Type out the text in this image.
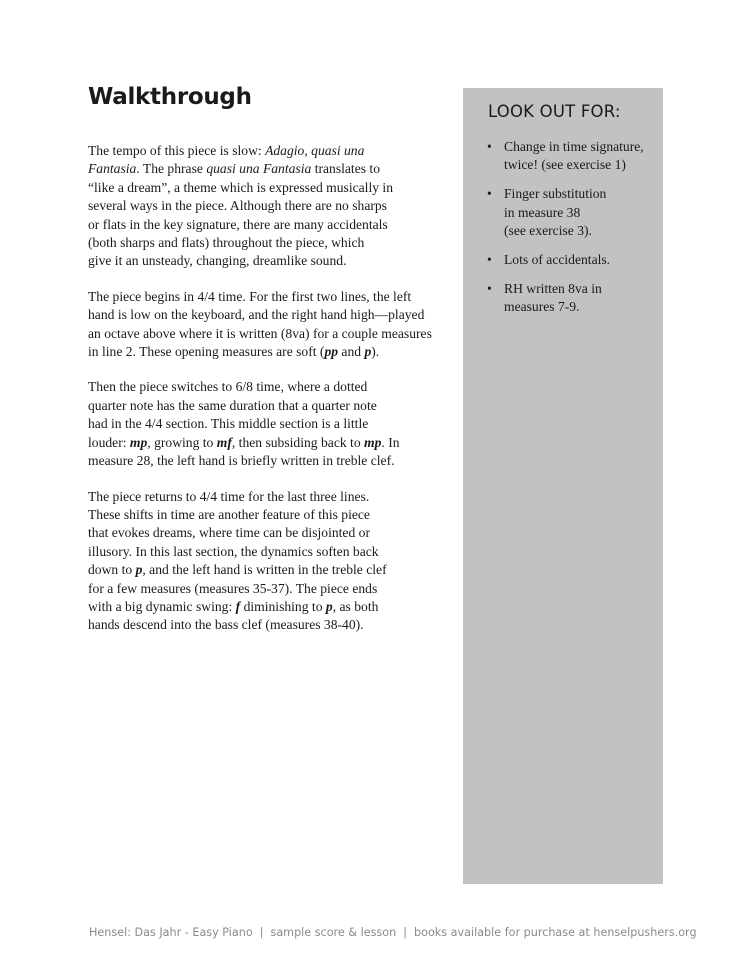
Walkthrough

The tempo of this piece is slow: Adagio, quasi una
Fantasia. The phrase quasi una Fantasia translates to
“like a dream”, a theme which is expressed musically in
several ways in the piece. Although there are no sharps
or flats in the key signature, there are many accidentals
(both sharps and flats) throughout the piece, which
give it an unsteady, changing, dreamlike sound.

The piece begins in 4/4 time. For the first two lines, the left
hand is low on the keyboard, and the right hand high—played
an octave above where it is written (8va) for a couple measures
in line 2. These opening measures are soft (pp and p).

Then the piece switches to 6/8 time, where a dotted
quarter note has the same duration that a quarter note
had in the 4/4 section. This middle section is a little
louder: mp, growing to mf, then subsiding back to mp. In
measure 28, the left hand is briefly written in treble clef.

The piece returns to 4/4 time for the last three lines.
These shifts in time are another feature of this piece
that evokes dreams, where time can be disjointed or
illusory. In this last section, the dynamics soften back
down to p, and the left hand is written in the treble clef
for a few measures (measures 35-37). The piece ends
with a big dynamic swing: f diminishing to p, as both
hands descend into the bass clef (measures 38-40).

LOOK OUT FOR:
• Change in time signature,
twice! (see exercise 1)
• Finger substitution
in measure 38
(see exercise 3).
• Lots of accidentals.
• RH written 8va in
measures 7-9.
Hensel: Das Jahr - Easy Piano | sample score & lesson | books available for purchase at henselpushers.org
